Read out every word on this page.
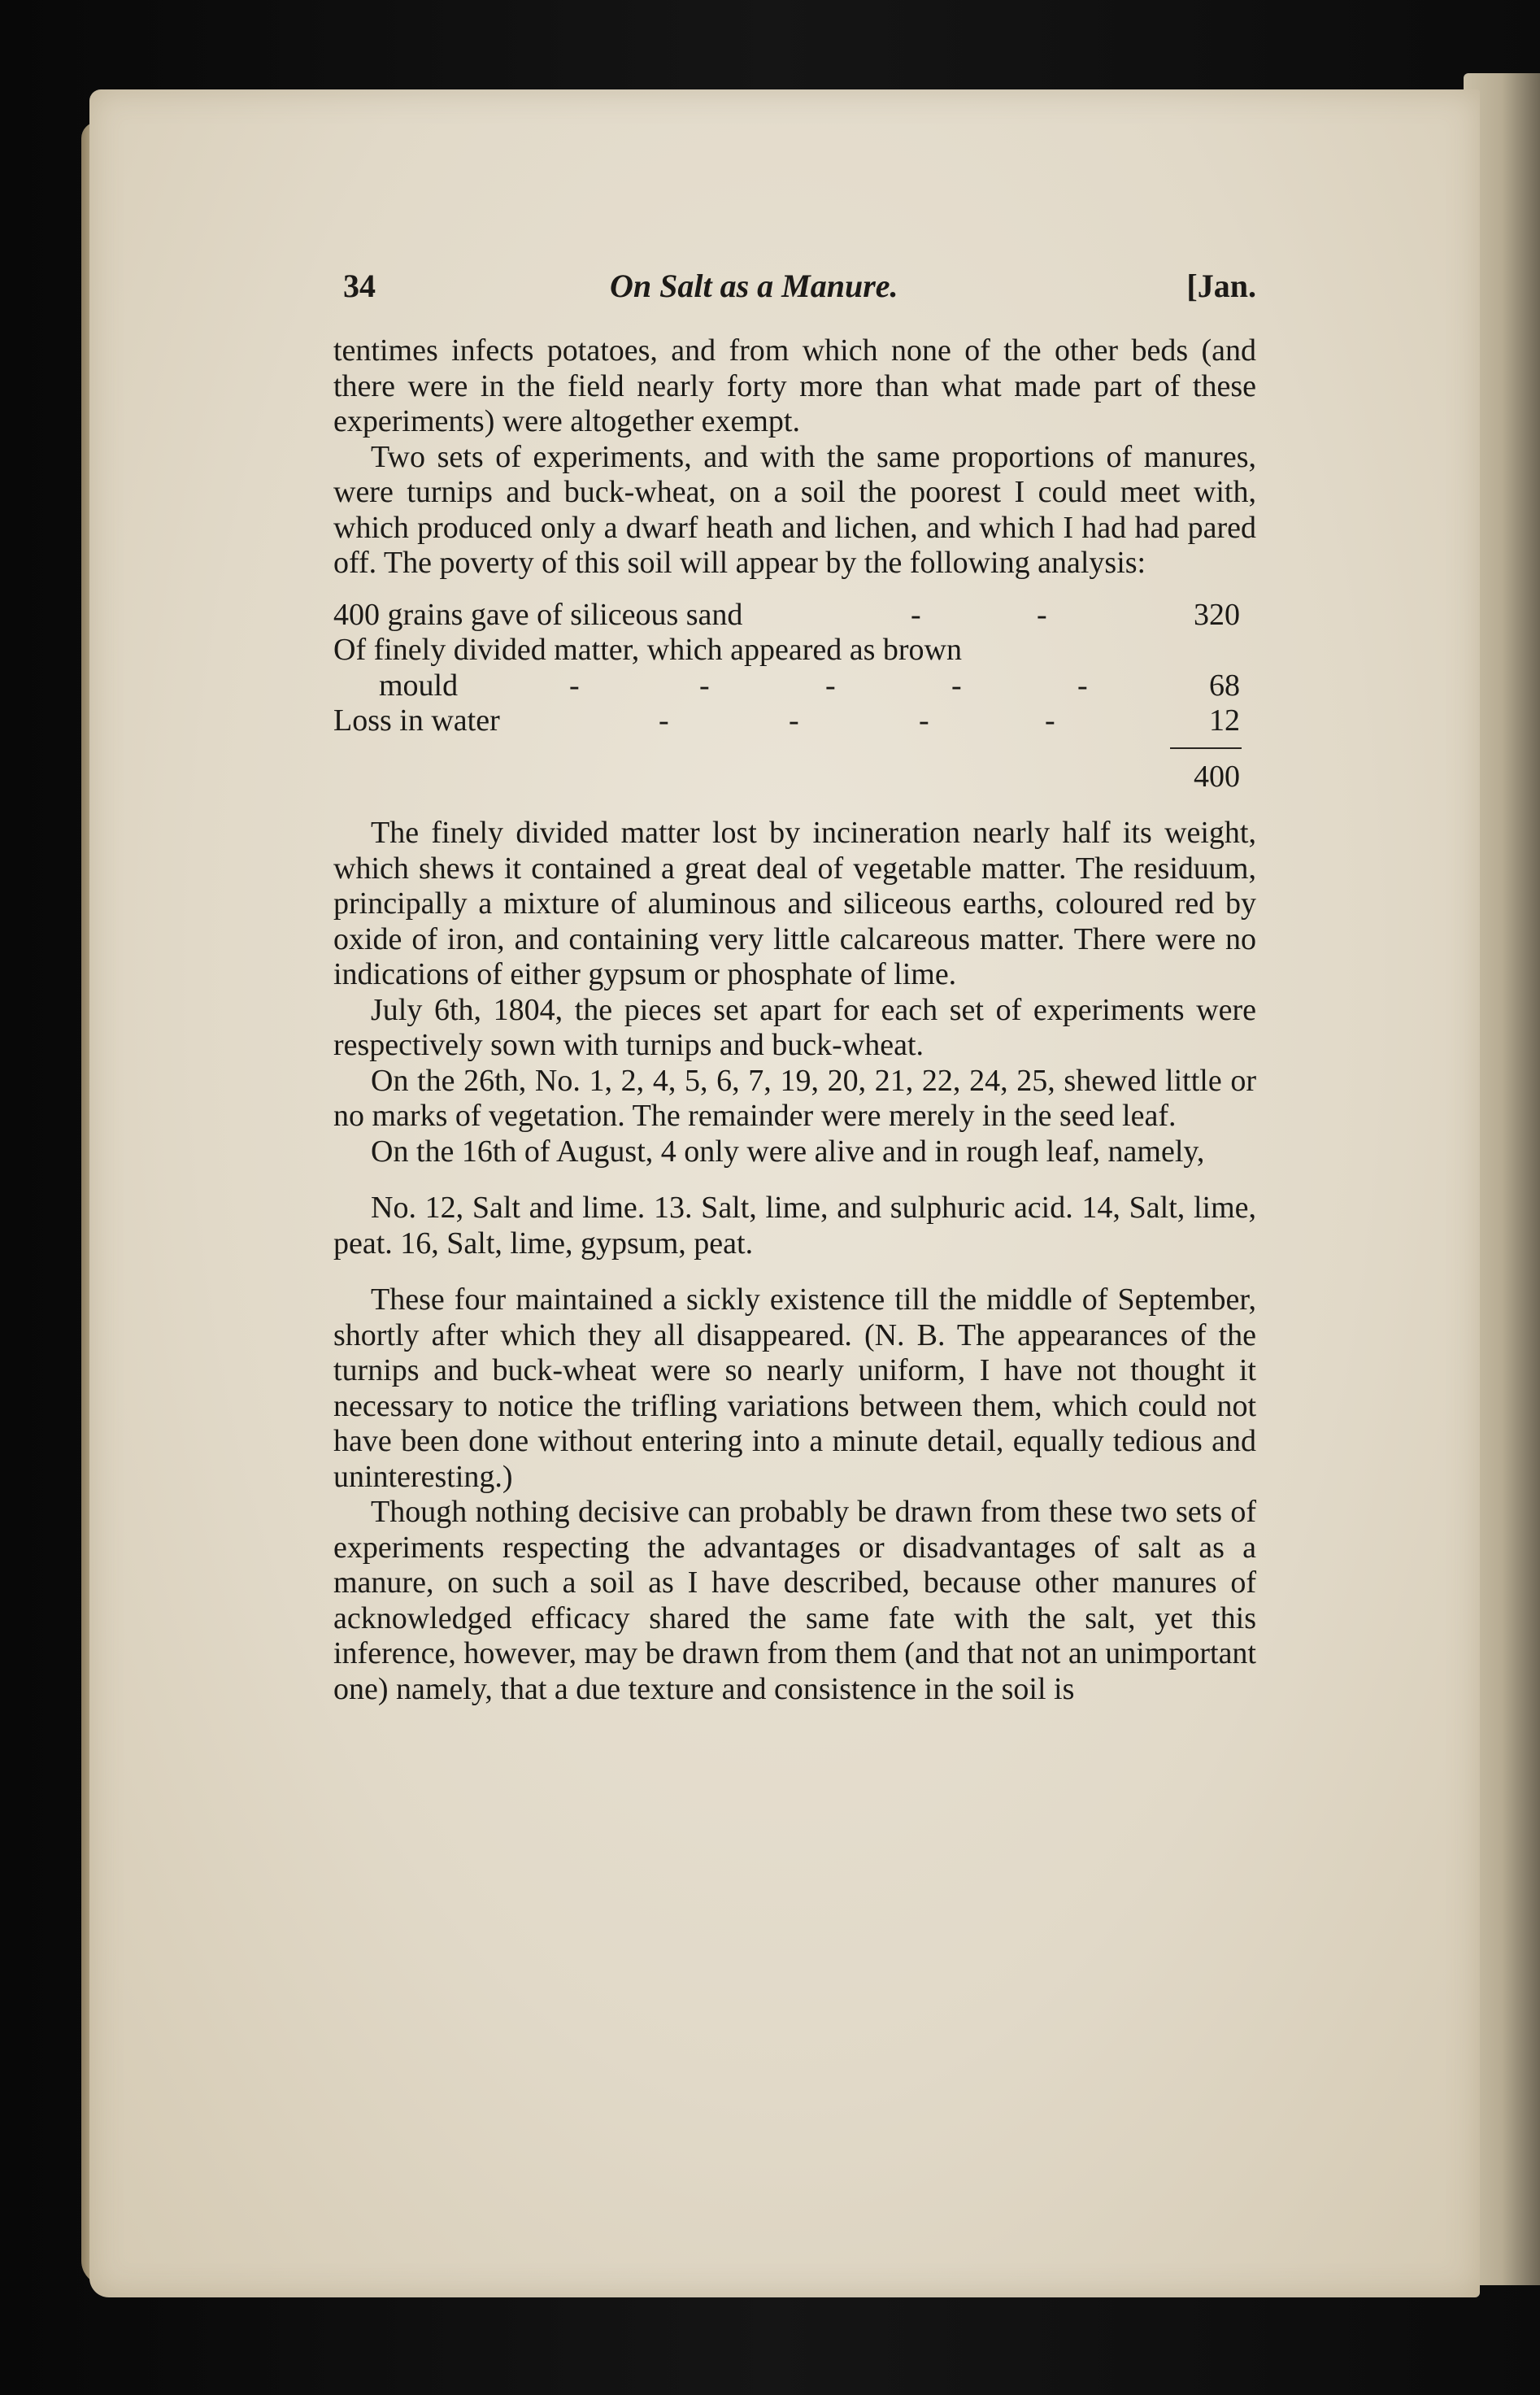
34	On Salt as a Manure.	[Jan.

tentimes infects potatoes, and from which none of the other beds (and there were in the field nearly forty more than what made part of these experiments) were altogether exempt.

Two sets of experiments, and with the same proportions of manures, were turnips and buck-wheat, on a soil the poorest I could meet with, which produced only a dwarf heath and lichen, and which I had had pared off. The poverty of this soil will appear by the following analysis:

400 grains gave of siliceous sand	-	-	320
Of finely divided matter, which appeared as brown
mould	-	-	-	-	-	68
Loss in water	-	-	-	-	12
400

The finely divided matter lost by incineration nearly half its weight, which shews it contained a great deal of vegetable matter. The residuum, principally a mixture of aluminous and siliceous earths, coloured red by oxide of iron, and containing very little calcareous matter. There were no indications of either gypsum or phosphate of lime.

July 6th, 1804, the pieces set apart for each set of experiments were respectively sown with turnips and buck-wheat.

On the 26th, No. 1, 2, 4, 5, 6, 7, 19, 20, 21, 22, 24, 25, shewed little or no marks of vegetation. The remainder were merely in the seed leaf.

On the 16th of August, 4 only were alive and in rough leaf, namely,

No. 12, Salt and lime. 13. Salt, lime, and sulphuric acid. 14, Salt, lime, peat. 16, Salt, lime, gypsum, peat.

These four maintained a sickly existence till the middle of September, shortly after which they all disappeared. (N. B. The appearances of the turnips and buck-wheat were so nearly uniform, I have not thought it necessary to notice the trifling variations between them, which could not have been done without entering into a minute detail, equally tedious and uninteresting.)

Though nothing decisive can probably be drawn from these two sets of experiments respecting the advantages or disadvantages of salt as a manure, on such a soil as I have described, because other manures of acknowledged efficacy shared the same fate with the salt, yet this inference, however, may be drawn from them (and that not an unimportant one) namely, that a due texture and consistence in the soil is
